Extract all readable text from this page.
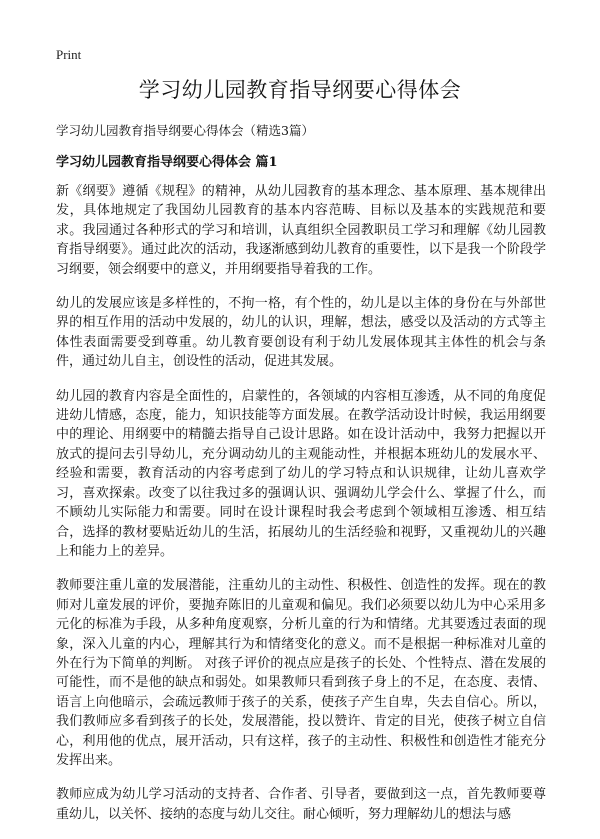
Print
学习幼儿园教育指导纲要心得体会

学习幼儿园教育指导纲要心得体会（精选3篇）

学习幼儿园教育指导纲要心得体会 篇1

新《纲要》遵循《规程》的精神，从幼儿园教育的基本理念、基本原理、基本规律出发，具体地规定了我国幼儿园教育的基本内容范畴、目标以及基本的实践规范和要求。我园通过各种形式的学习和培训，认真组织全园教职员工学习和理解《幼儿园教育指导纲要》。通过此次的活动，我逐渐感到幼儿教育的重要性，以下是我一个阶段学习纲要，领会纲要中的意义，并用纲要指导着我的工作。

幼儿的发展应该是多样性的，不拘一格，有个性的，幼儿是以主体的身份在与外部世界的相互作用的活动中发展的，幼儿的认识，理解，想法，感受以及活动的方式等主体性表面需要受到尊重。幼儿教育要创设有利于幼儿发展体现其主体性的机会与条件，通过幼儿自主，创设性的活动，促进其发展。

幼儿园的教育内容是全面性的，启蒙性的，各领域的内容相互渗透，从不同的角度促进幼儿情感，态度，能力，知识技能等方面发展。在教学活动设计时候，我运用纲要中的理论、用纲要中的精髓去指导自己设计思路。如在设计活动中，我努力把握以开放式的提问去引导幼儿，充分调动幼儿的主观能动性，并根据本班幼儿的发展水平、经验和需要，教育活动的内容考虑到了幼儿的学习特点和认识规律，让幼儿喜欢学习，喜欢探索。改变了以往我过多的强调认识、强调幼儿学会什么、掌握了什么，而不顾幼儿实际能力和需要。同时在设计课程时我会考虑到个领域相互渗透、相互结合，选择的教材要贴近幼儿的生活，拓展幼儿的生活经验和视野，又重视幼儿的兴趣上和能力上的差异。

教师要注重儿童的发展潜能，注重幼儿的主动性、积极性、创造性的发挥。现在的教师对儿童发展的评价，要抛弃陈旧的儿童观和偏见。我们必须要以幼儿为中心采用多元化的标准为手段，从多种角度观察，分析儿童的行为和情绪。尤其要透过表面的现象，深入儿童的内心，理解其行为和情绪变化的意义。而不是根据一种标准对儿童的外在行为下简单的判断。 对孩子评价的视点应是孩子的长处、个性特点、潜在发展的可能性，而不是他的缺点和弱处。如果教师只看到孩子身上的不足，在态度、表情、语言上向他暗示，会疏远教师于孩子的关系，使孩子产生自卑，失去自信心。所以，我们教师应多看到孩子的长处，发展潜能，投以赞许、肯定的目光，使孩子树立自信心，利用他的优点，展开活动，只有这样，孩子的主动性、积极性和创造性才能充分发挥出来。

教师应成为幼儿学习活动的支持者、合作者、引导者，要做到这一点，首先教师要尊重幼儿，以关怀、接纳的态度与幼儿交往。耐心倾听，努力理解幼儿的想法与感
